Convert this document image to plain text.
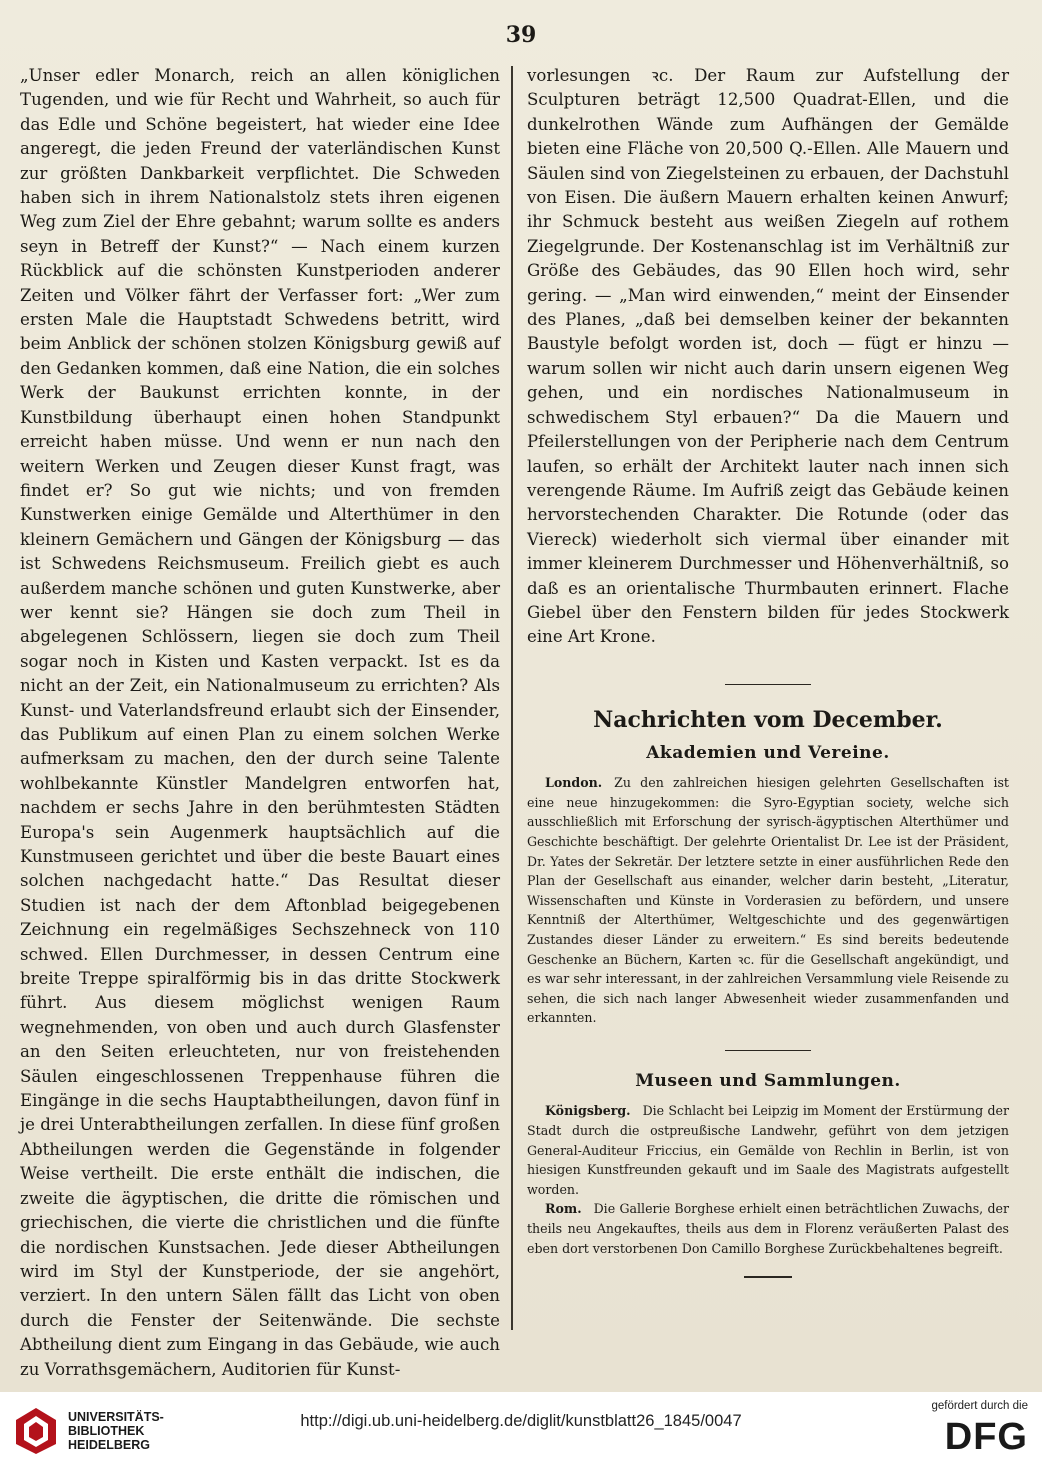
39

„Unser edler Monarch, reich an allen königlichen Tugenden, und wie für Recht und Wahrheit, so auch für das Edle und Schöne begeistert, hat wieder eine Idee angeregt, die jeden Freund der vaterländischen Kunst zur größten Dankbarkeit verpflichtet. Die Schweden haben sich in ihrem Nationalstolz stets ihren eigenen Weg zum Ziel der Ehre gebahnt; warum sollte es anders seyn in Betreff der Kunst?“ — Nach einem kurzen Rückblick auf die schönsten Kunstperioden anderer Zeiten und Völker fährt der Verfasser fort: „Wer zum ersten Male die Hauptstadt Schwedens betritt, wird beim Anblick der schönen stolzen Königsburg gewiß auf den Gedanken kommen, daß eine Nation, die ein solches Werk der Baukunst errichten konnte, in der Kunstbildung überhaupt einen hohen Standpunkt erreicht haben müsse. Und wenn er nun nach den weitern Werken und Zeugen dieser Kunst fragt, was findet er? So gut wie nichts; und von fremden Kunstwerken einige Gemälde und Alterthümer in den kleinern Gemächern und Gängen der Königsburg — das ist Schwedens Reichsmuseum. Freilich giebt es auch außerdem manche schönen und guten Kunstwerke, aber wer kennt sie? Hängen sie doch zum Theil in abgelegenen Schlössern, liegen sie doch zum Theil sogar noch in Kisten und Kasten verpackt. Ist es da nicht an der Zeit, ein Nationalmuseum zu errichten? Als Kunst- und Vaterlandsfreund erlaubt sich der Einsender, das Publikum auf einen Plan zu einem solchen Werke aufmerksam zu machen, den der durch seine Talente wohlbekannte Künstler Mandelgren entworfen hat, nachdem er sechs Jahre in den berühmtesten Städten Europa's sein Augenmerk hauptsächlich auf die Kunstmuseen gerichtet und über die beste Bauart eines solchen nachgedacht hatte.“ Das Resultat dieser Studien ist nach der dem Aftonblad beigegebenen Zeichnung ein regelmäßiges Sechszehneck von 110 schwed. Ellen Durchmesser, in dessen Centrum eine breite Treppe spiralförmig bis in das dritte Stockwerk führt. Aus diesem möglichst wenigen Raum wegnehmenden, von oben und auch durch Glasfenster an den Seiten erleuchteten, nur von freistehenden Säulen eingeschlossenen Treppenhause führen die Eingänge in die sechs Hauptabtheilungen, davon fünf in je drei Unterabtheilungen zerfallen. In diese fünf großen Abtheilungen werden die Gegenstände in folgender Weise vertheilt. Die erste enthält die indischen, die zweite die ägyptischen, die dritte die römischen und griechischen, die vierte die christlichen und die fünfte die nordischen Kunstsachen. Jede dieser Abtheilungen wird im Styl der Kunstperiode, der sie angehört, verziert. In den untern Sälen fällt das Licht von oben durch die Fenster der Seitenwände. Die sechste Abtheilung dient zum Eingang in das Gebäude, wie auch zu Vorrathsgemächern, Auditorien für Kunst-

vorlesungen ꝛc. Der Raum zur Aufstellung der Sculpturen beträgt 12,500 Quadrat-Ellen, und die dunkelrothen Wände zum Aufhängen der Gemälde bieten eine Fläche von 20,500 Q.-Ellen. Alle Mauern und Säulen sind von Ziegelsteinen zu erbauen, der Dachstuhl von Eisen. Die äußern Mauern erhalten keinen Anwurf; ihr Schmuck besteht aus weißen Ziegeln auf rothem Ziegelgrunde. Der Kostenanschlag ist im Verhältniß zur Größe des Gebäudes, das 90 Ellen hoch wird, sehr gering. — „Man wird einwenden,“ meint der Einsender des Planes, „daß bei demselben keiner der bekannten Baustyle befolgt worden ist, doch — fügt er hinzu — warum sollen wir nicht auch darin unsern eigenen Weg gehen, und ein nordisches Nationalmuseum in schwedischem Styl erbauen?“ Da die Mauern und Pfeilerstellungen von der Peripherie nach dem Centrum laufen, so erhält der Architekt lauter nach innen sich verengende Räume. Im Aufriß zeigt das Gebäude keinen hervorstechenden Charakter. Die Rotunde (oder das Viereck) wiederholt sich viermal über einander mit immer kleinerem Durchmesser und Höhenverhältniß, so daß es an orientalische Thurmbauten erinnert. Flache Giebel über den Fenstern bilden für jedes Stockwerk eine Art Krone.

Nachrichten vom December.
Akademien und Vereine.

London. Zu den zahlreichen hiesigen gelehrten Gesellschaften ist eine neue hinzugekommen: die Syro-Egyptian society, welche sich ausschließlich mit Erforschung der syrisch-ägyptischen Alterthümer und Geschichte beschäftigt. Der gelehrte Orientalist Dr. Lee ist der Präsident, Dr. Yates der Sekretär. Der letztere setzte in einer ausführlichen Rede den Plan der Gesellschaft aus einander, welcher darin besteht, „Literatur, Wissenschaften und Künste in Vorderasien zu befördern, und unsere Kenntniß der Alterthümer, Weltgeschichte und des gegenwärtigen Zustandes dieser Länder zu erweitern.“ Es sind bereits bedeutende Geschenke an Büchern, Karten ꝛc. für die Gesellschaft angekündigt, und es war sehr interessant, in der zahlreichen Versammlung viele Reisende zu sehen, die sich nach langer Abwesenheit wieder zusammenfanden und erkannten.

Museen und Sammlungen.

Königsberg. Die Schlacht bei Leipzig im Moment der Erstürmung der Stadt durch die ostpreußische Landwehr, geführt von dem jetzigen General-Auditeur Friccius, ein Gemälde von Rechlin in Berlin, ist von hiesigen Kunstfreunden gekauft und im Saale des Magistrats aufgestellt worden.

Rom. Die Gallerie Borghese erhielt einen beträchtlichen Zuwachs, der theils neu Angekauftes, theils aus dem in Florenz veräußerten Palast des eben dort verstorbenen Don Camillo Borghese Zurückbehaltenes begreift.

UNIVERSITÄTS-
BIBLIOTHEK
HEIDELBERG
http://digi.ub.uni-heidelberg.de/diglit/kunstblatt26_1845/0047
gefördert durch die
DFG
